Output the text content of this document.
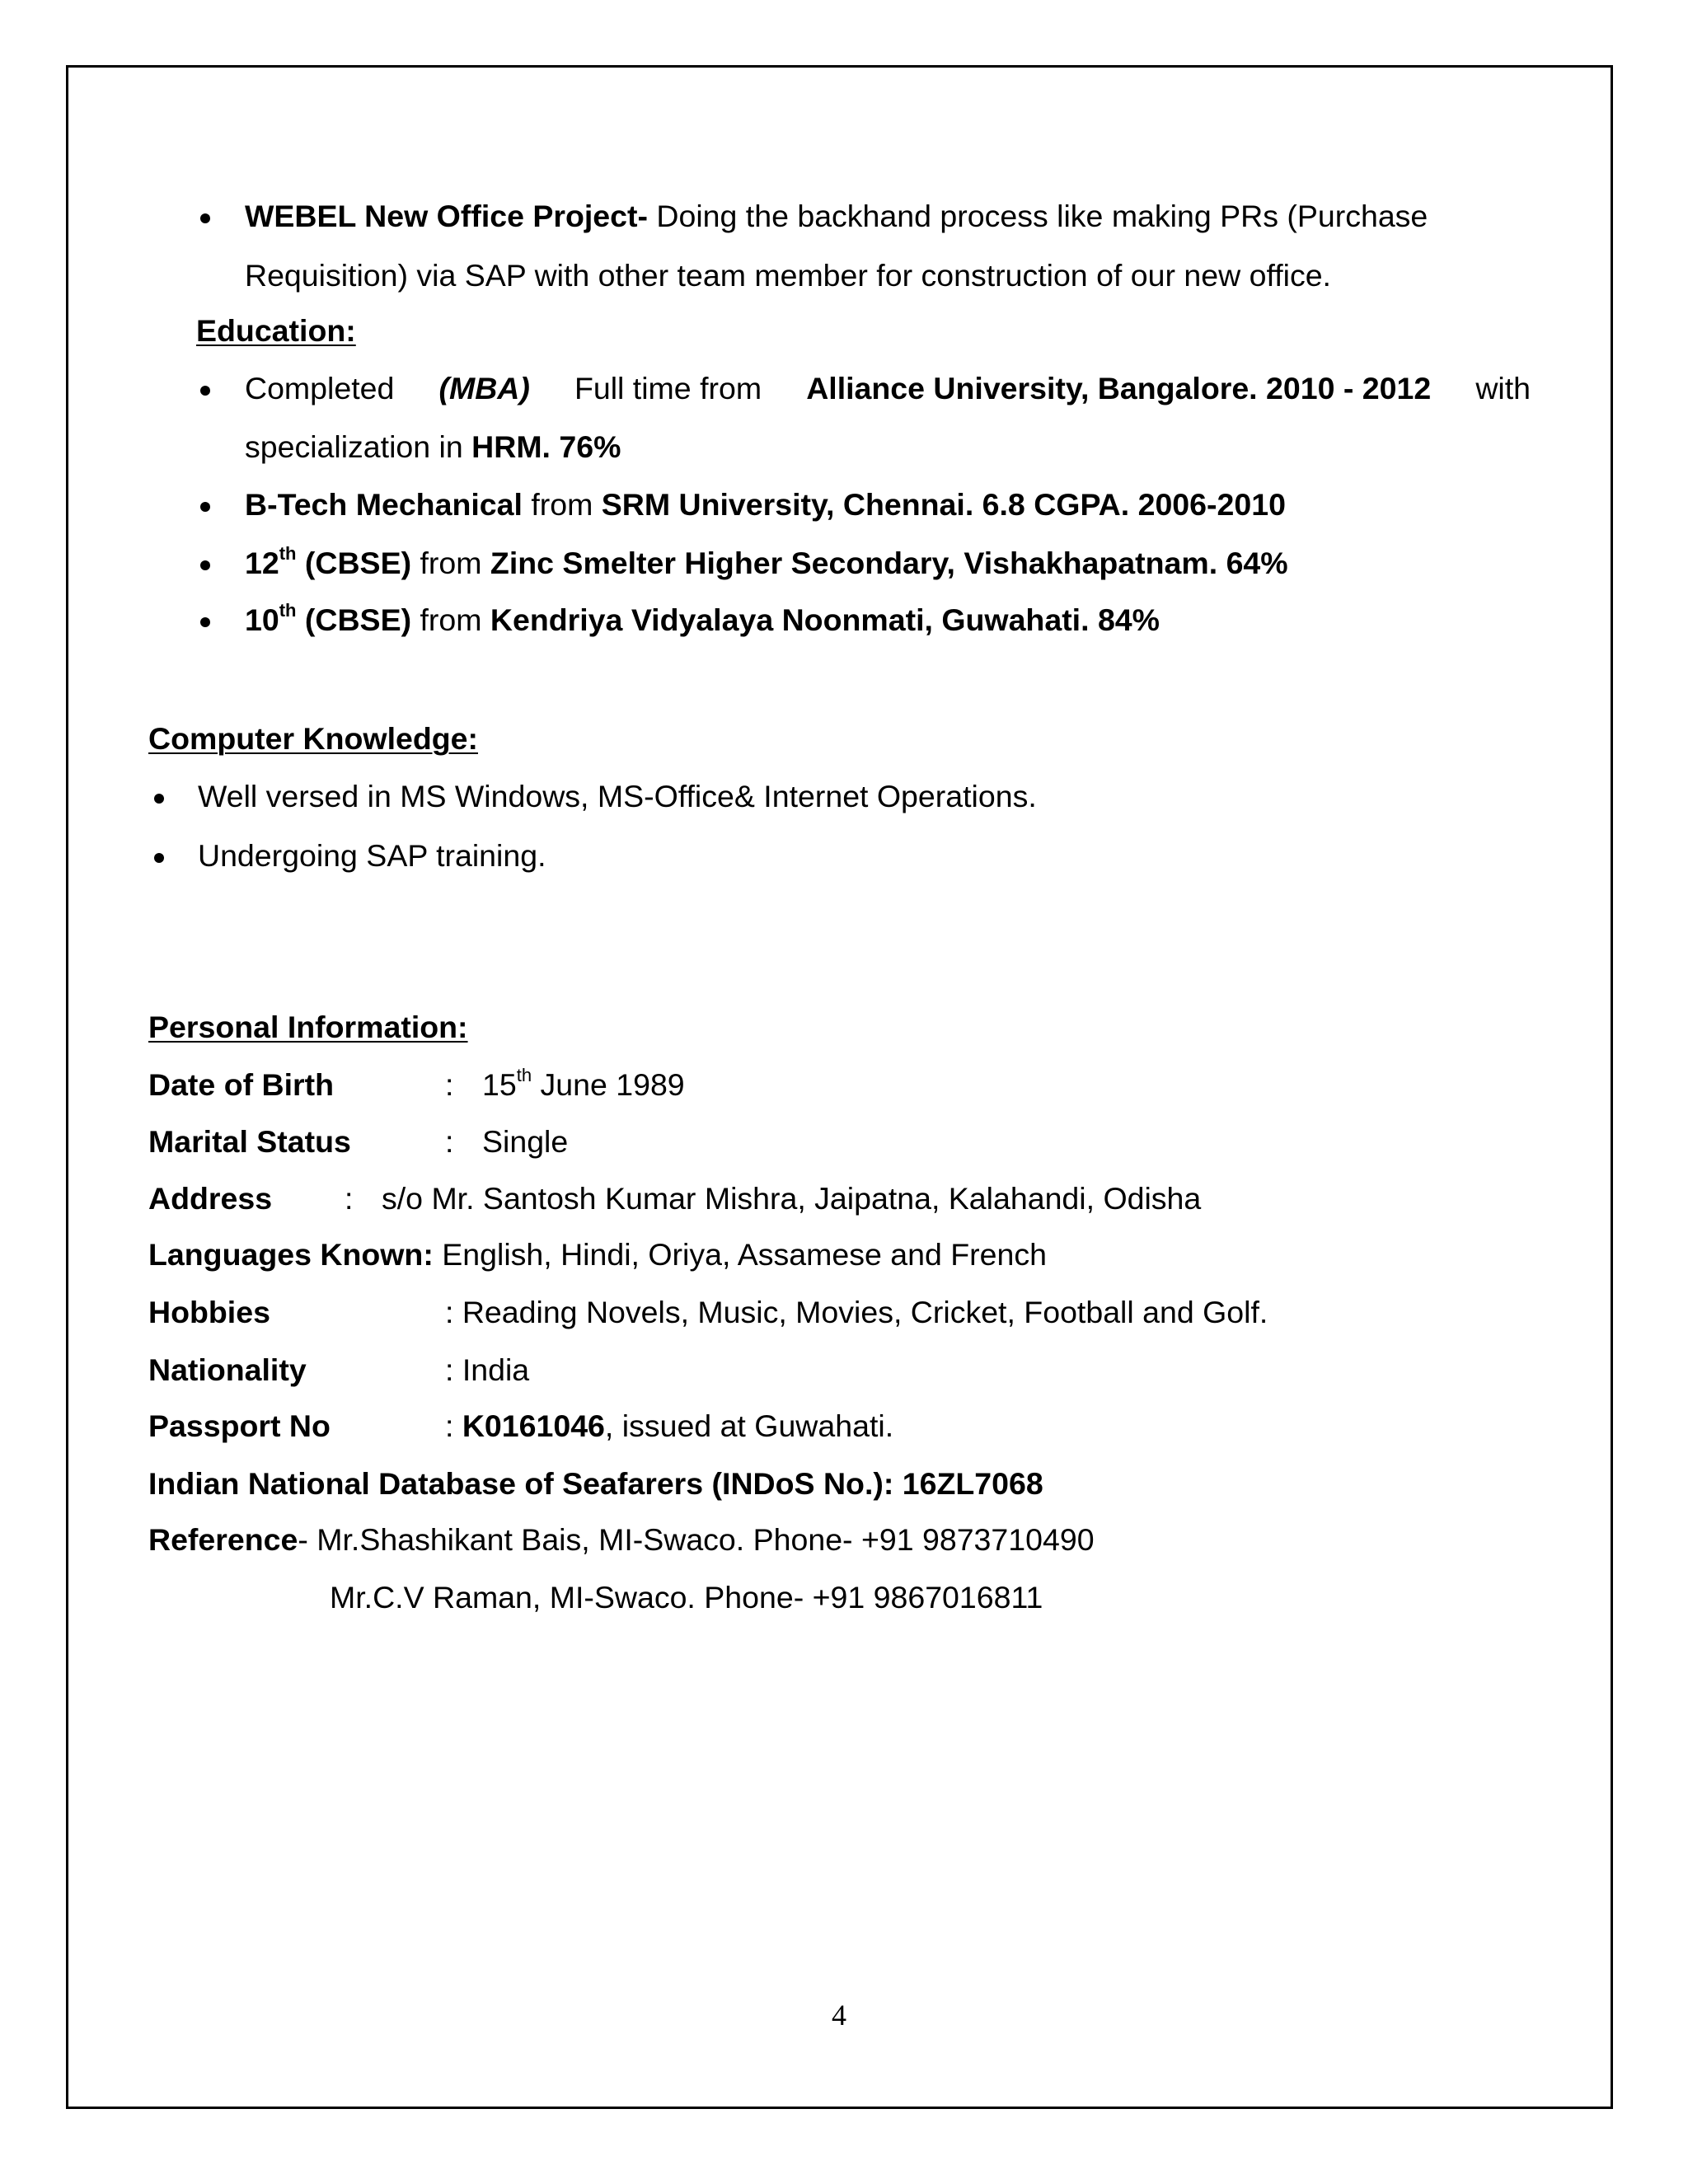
WEBEL New Office Project- Doing the backhand process like making PRs (Purchase
Requisition) via SAP with other team member for construction of our new office.
Education:
Completed (MBA) Full time from Alliance University, Bangalore. 2010 - 2012 with
specialization in HRM. 76%
B-Tech Mechanical from SRM University, Chennai. 6.8 CGPA. 2006-2010
12th (CBSE) from Zinc Smelter Higher Secondary, Vishakhapatnam. 64%
10th (CBSE) from Kendriya Vidyalaya Noonmati, Guwahati. 84%
Computer Knowledge:
Well versed in MS Windows, MS-Office& Internet Operations.
Undergoing SAP training.
Personal Information:
Date of Birth	: 15th June 1989
Marital Status	: Single
Address : s/o Mr. Santosh Kumar Mishra, Jaipatna, Kalahandi, Odisha
Languages Known: English, Hindi, Oriya, Assamese and French
Hobbies	: Reading Novels, Music, Movies, Cricket, Football and Golf.
Nationality	: India
Passport No	: K0161046, issued at Guwahati.
Indian National Database of Seafarers (INDoS No.): 16ZL7068
Reference- Mr.Shashikant Bais, MI-Swaco. Phone- +91 9873710490
Mr.C.V Raman, MI-Swaco. Phone- +91 9867016811
4
